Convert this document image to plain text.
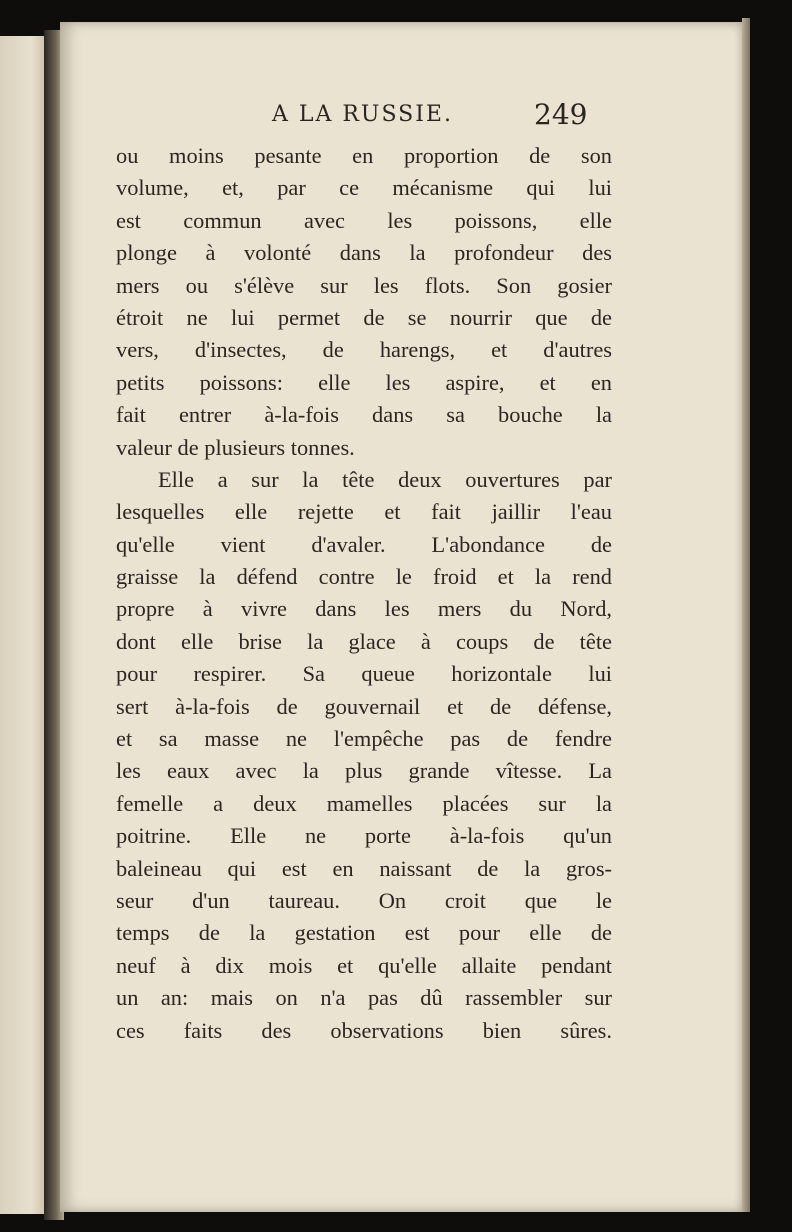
A LA RUSSIE.	249
ou moins pesante en proportion de son
volume, et, par ce mécanisme qui lui
est commun avec les poissons, elle
plonge à volonté dans la profondeur des
mers ou s'élève sur les flots. Son gosier
étroit ne lui permet de se nourrir que de
vers, d'insectes, de harengs, et d'autres
petits poissons: elle les aspire, et en
fait entrer à-la-fois dans sa bouche la
valeur de plusieurs tonnes.
Elle a sur la tête deux ouvertures par
lesquelles elle rejette et fait jaillir l'eau
qu'elle vient d'avaler. L'abondance de
graisse la défend contre le froid et la rend
propre à vivre dans les mers du Nord,
dont elle brise la glace à coups de tête
pour respirer. Sa queue horizontale lui
sert à-la-fois de gouvernail et de défense,
et sa masse ne l'empêche pas de fendre
les eaux avec la plus grande vîtesse. La
femelle a deux mamelles placées sur la
poitrine. Elle ne porte à-la-fois qu'un
baleineau qui est en naissant de la gros-
seur d'un taureau. On croit que le
temps de la gestation est pour elle de
neuf à dix mois et qu'elle allaite pendant
un an: mais on n'a pas dû rassembler sur
ces faits des observations bien sûres.
